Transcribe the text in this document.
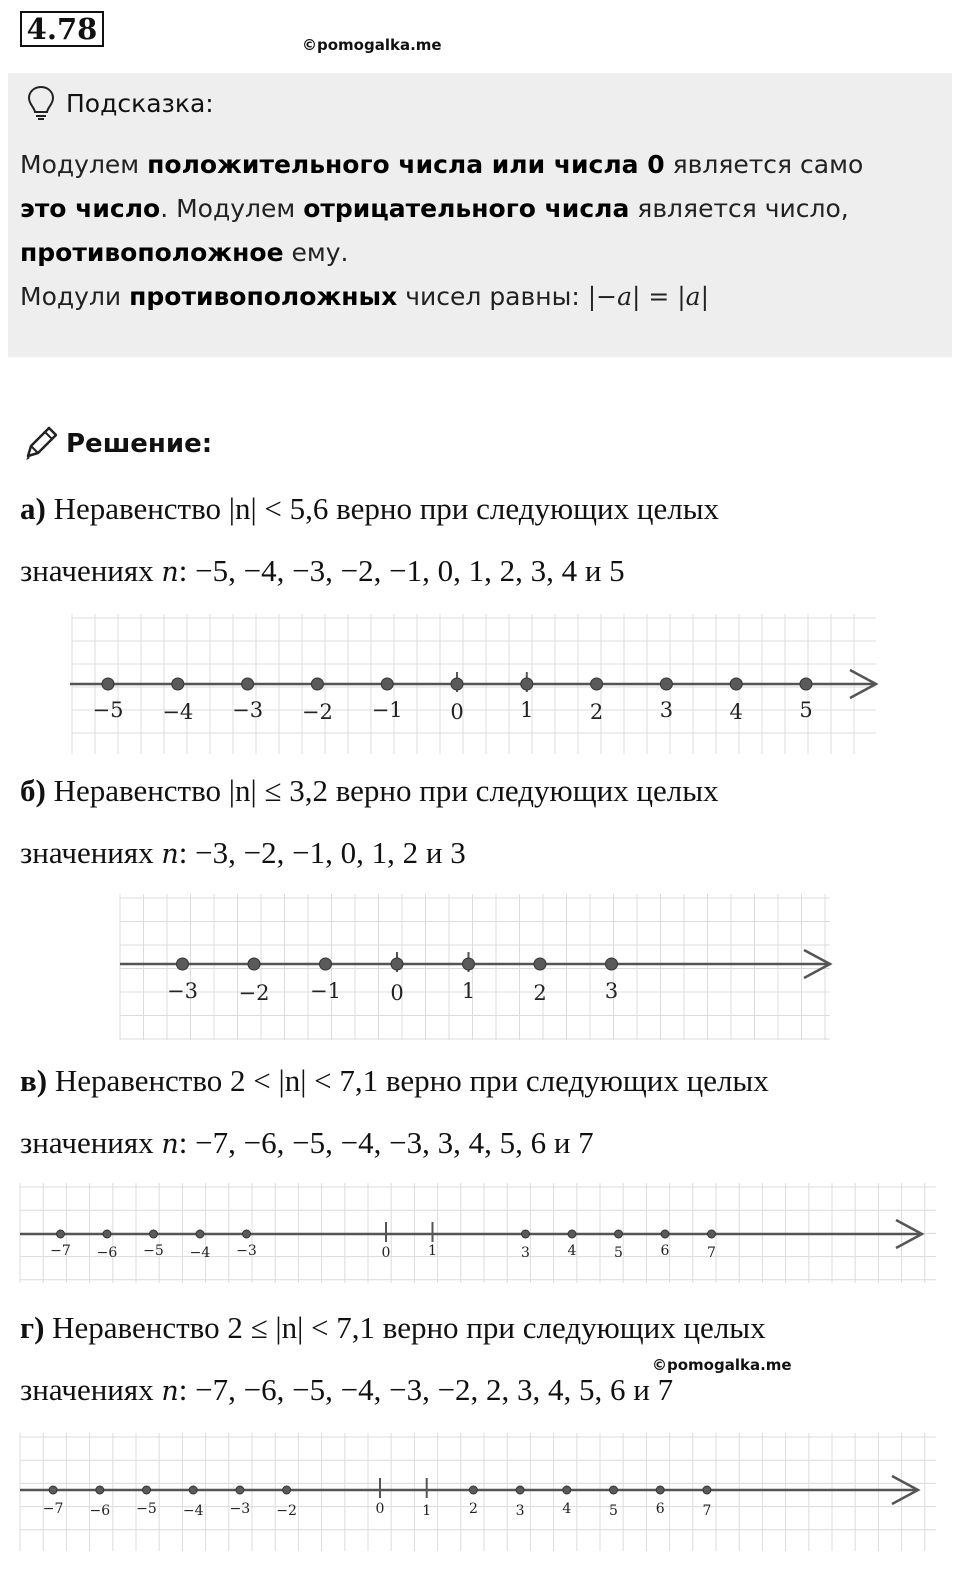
4.78	©pomogalka.me
Подсказка:
Модулем положительного числа или числа 0 является само
это число. Модулем отрицательного числа является число,
противоположное ему.
Модули противоположных чисел равны: |−a| = |a|
Решение:
а) Неравенство |n| < 5,6 верно при следующих целых
значениях n: −5, −4, −3, −2, −1, 0, 1, 2, 3, 4 и 5
−5 −4 −3 −2 −1 0	1	2	3	4	5
б) Неравенство |n| ≤ 3,2 верно при следующих целых
значениях n: −3, −2, −1, 0, 1, 2 и 3
−3 −2 −1 0	1	2	3
в) Неравенство 2 < |n| < 7,1 верно при следующих целых
значениях n: −7, −6, −5, −4, −3, 3, 4, 5, 6 и 7
−7 −6 −5 −4 −3	0	1	3	4	5	6	7
г) Неравенство 2 ≤ |n| < 7,1 верно при следующих целых
значениях n: −7, −6, −5, −4, −3, −2, 2, 3, 4, 5, 6 и 7
©pomogalka.me
−7 −6 −5 −4 −3 −2	0	1	2	3	4	5	6	7
